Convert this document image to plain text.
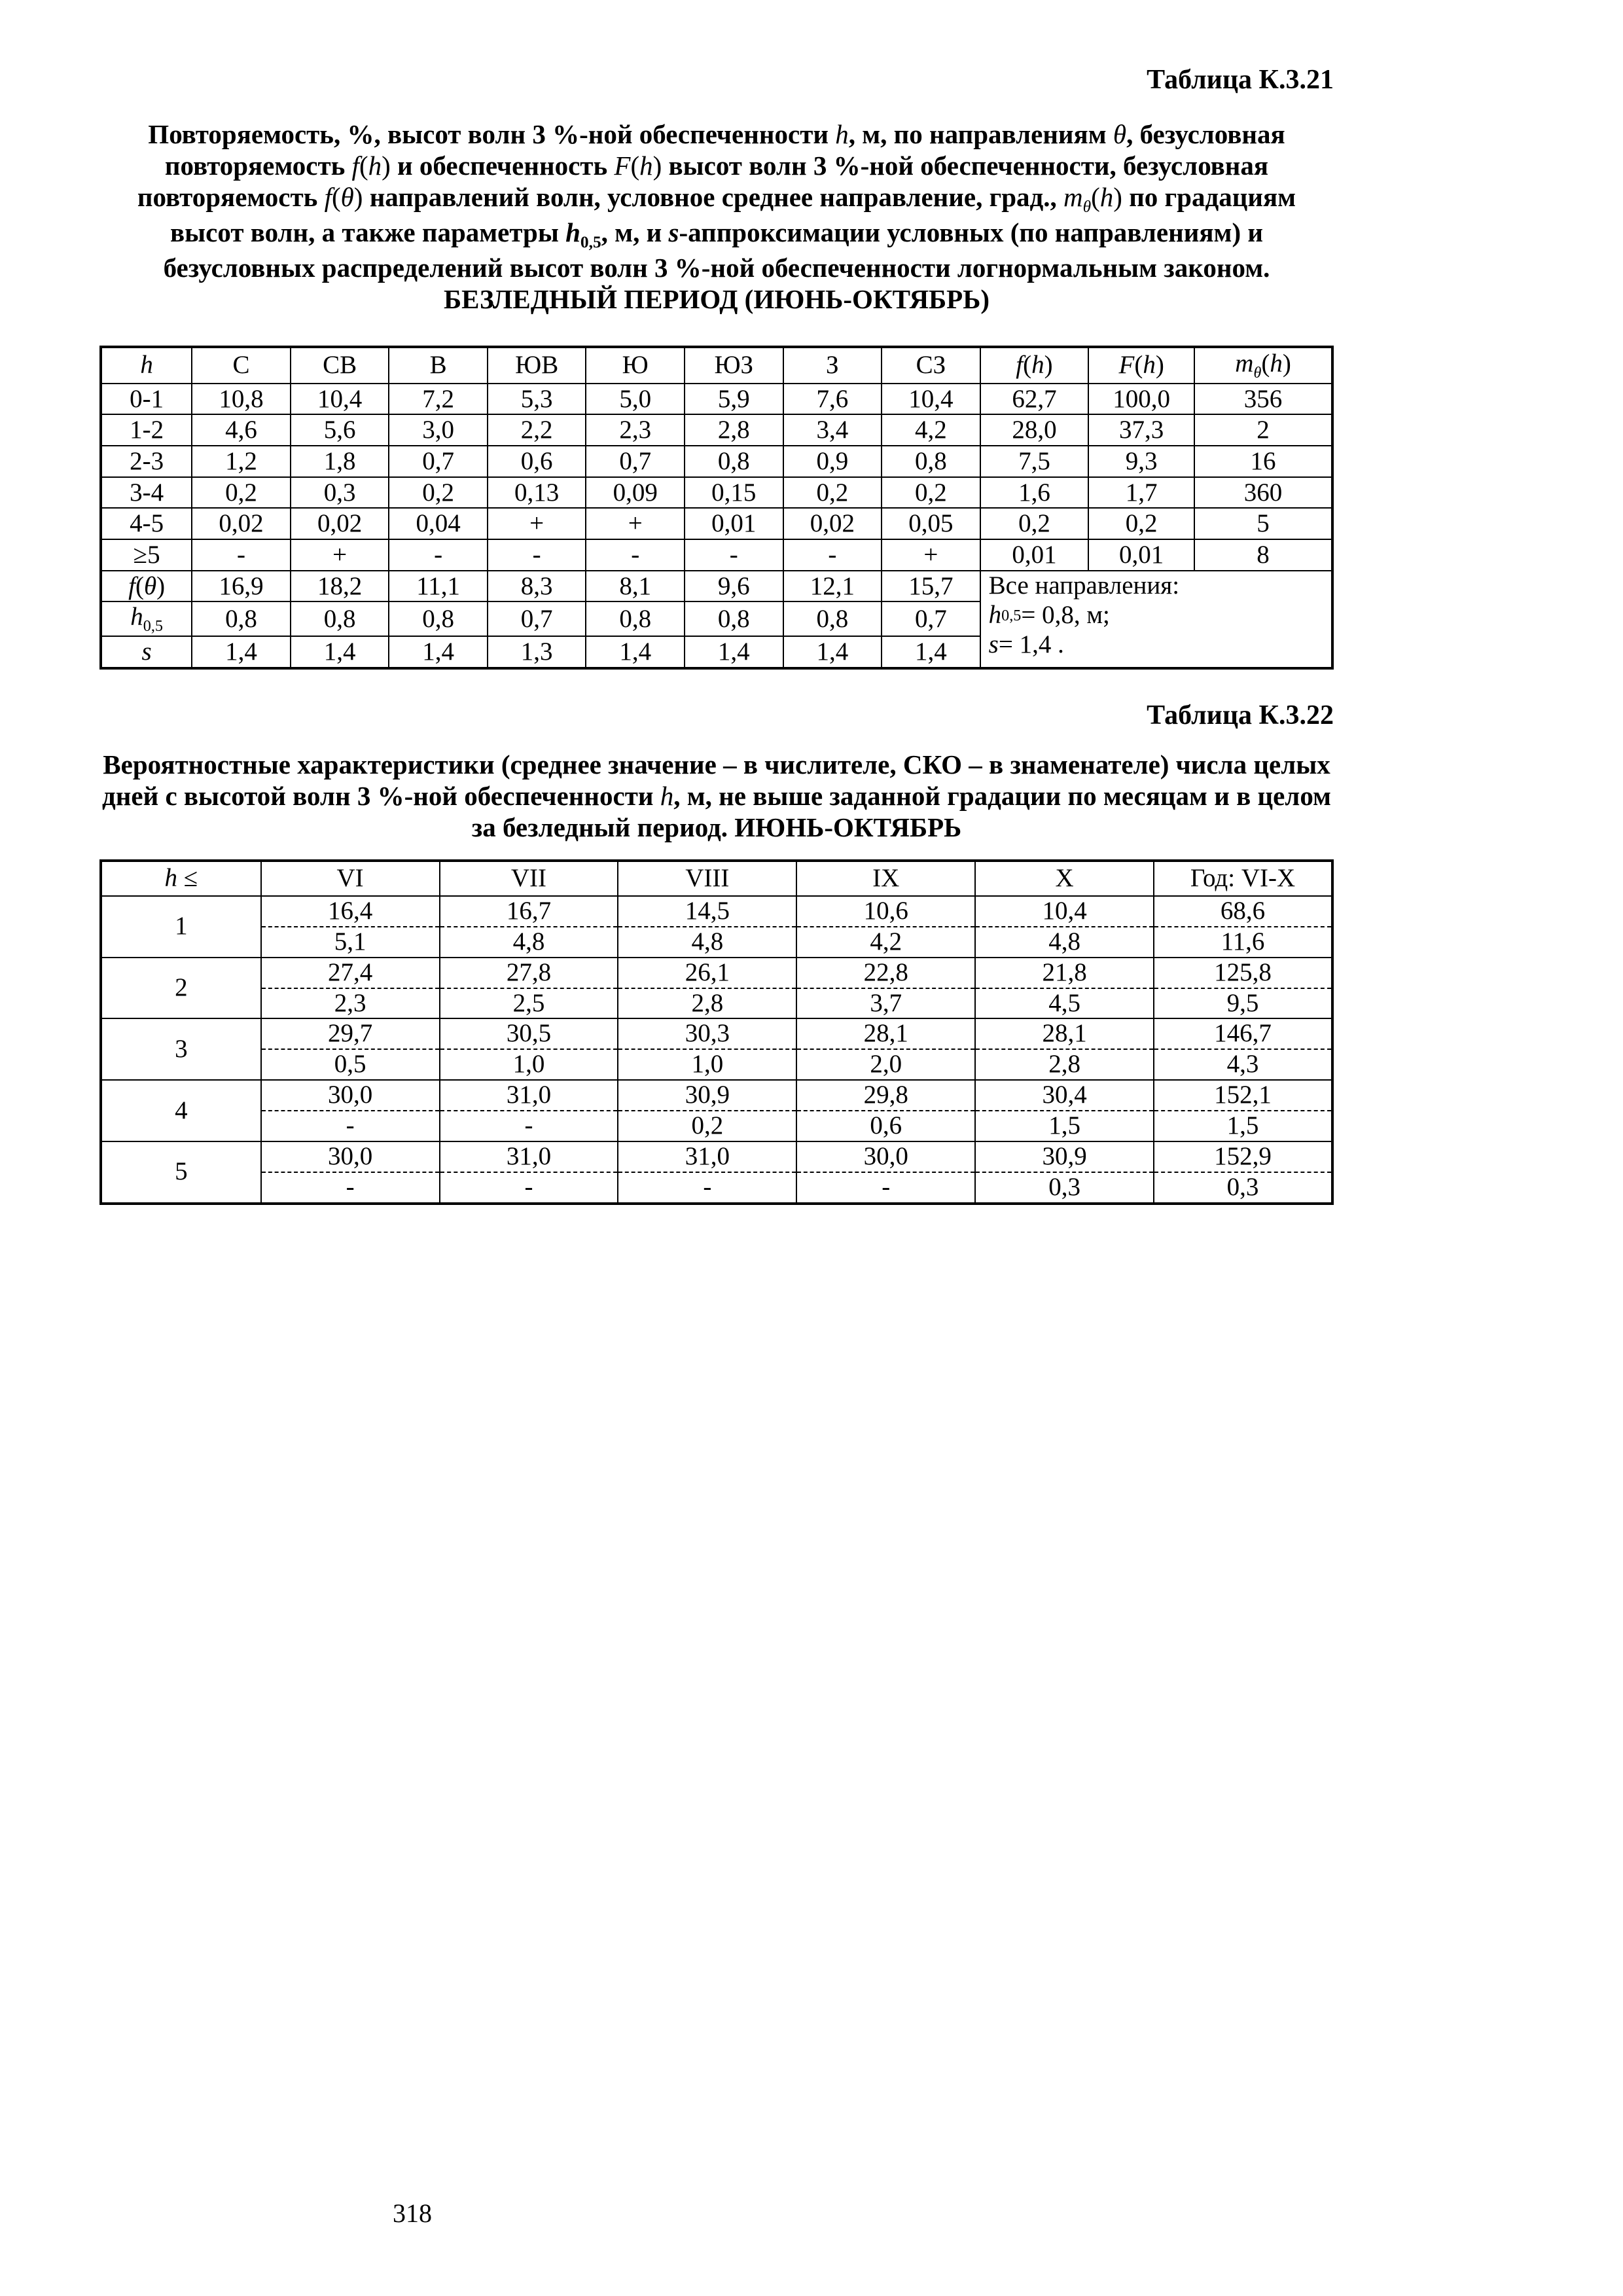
Таблица К.3.21
Повторяемость, %, высот волн 3 %-ной обеспеченности h, м, по направлениям θ, безусловная повторяемость f(h) и обеспеченность F(h) высот волн 3 %-ной обеспеченности, безусловная повторяемость f(θ) направлений волн, условное среднее направление, град., $m_\theta(h)$ по градациям высот волн, а также параметры $h_{0,5}$, м, и s-аппроксимации условных (по направлениям) и безусловных распределений высот волн 3 %-ной обеспеченности логнормальным законом. БЕЗЛЕДНЫЙ ПЕРИОД (ИЮНЬ-ОКТЯБРЬ)
h	С	СВ	В	ЮВ	Ю	ЮЗ	З	СЗ	f(h)	F(h)	$m_\theta(h)$
0-1	10,8	10,4	7,2	5,3	5,0	5,9	7,6	10,4	62,7	100,0	356
1-2	4,6	5,6	3,0	2,2	2,3	2,8	3,4	4,2	28,0	37,3	2
2-3	1,2	1,8	0,7	0,6	0,7	0,8	0,9	0,8	7,5	9,3	16
3-4	0,2	0,3	0,2	0,13	0,09	0,15	0,2	0,2	1,6	1,7	360
4-5	0,02	0,02	0,04	+	+	0,01	0,02	0,05	0,2	0,2	5
≥5	-	+	-	-	-	-	-	+	0,01	0,01	8
f(θ)	16,9	18,2	11,1	8,3	8,1	9,6	12,1	15,7	Все направления:
h 0,5 = 0,8, м;
s = 1,4 .

$h_{0,5}$	0,8	0,8	0,8	0,7	0,8	0,8	0,8	0,7			
s	1,4	1,4	1,4	1,3	1,4	1,4	1,4	1,4			
Таблица К.3.22
Вероятностные характеристики (среднее значение – в числителе, СКО – в знаменателе) числа целых дней с высотой волн 3 %-ной обеспеченности h, м, не выше заданной градации по месяцам и в целом за безледный период. ИЮНЬ-ОКТЯБРЬ
h ≤	VI	VII	VIII	IX	X	Год: VI-X
1	16,4	16,7	14,5	10,6	10,4	68,6
	5,1	4,8	4,8	4,2	4,8	11,6
2	27,4	27,8	26,1	22,8	21,8	125,8
	2,3	2,5	2,8	3,7	4,5	9,5
3	29,7	30,5	30,3	28,1	28,1	146,7
	0,5	1,0	1,0	2,0	2,8	4,3
4	30,0	31,0	30,9	29,8	30,4	152,1
	-	-	0,2	0,6	1,5	1,5
5	30,0	31,0	31,0	30,0	30,9	152,9
	-	-	-	-	0,3	0,3
318
